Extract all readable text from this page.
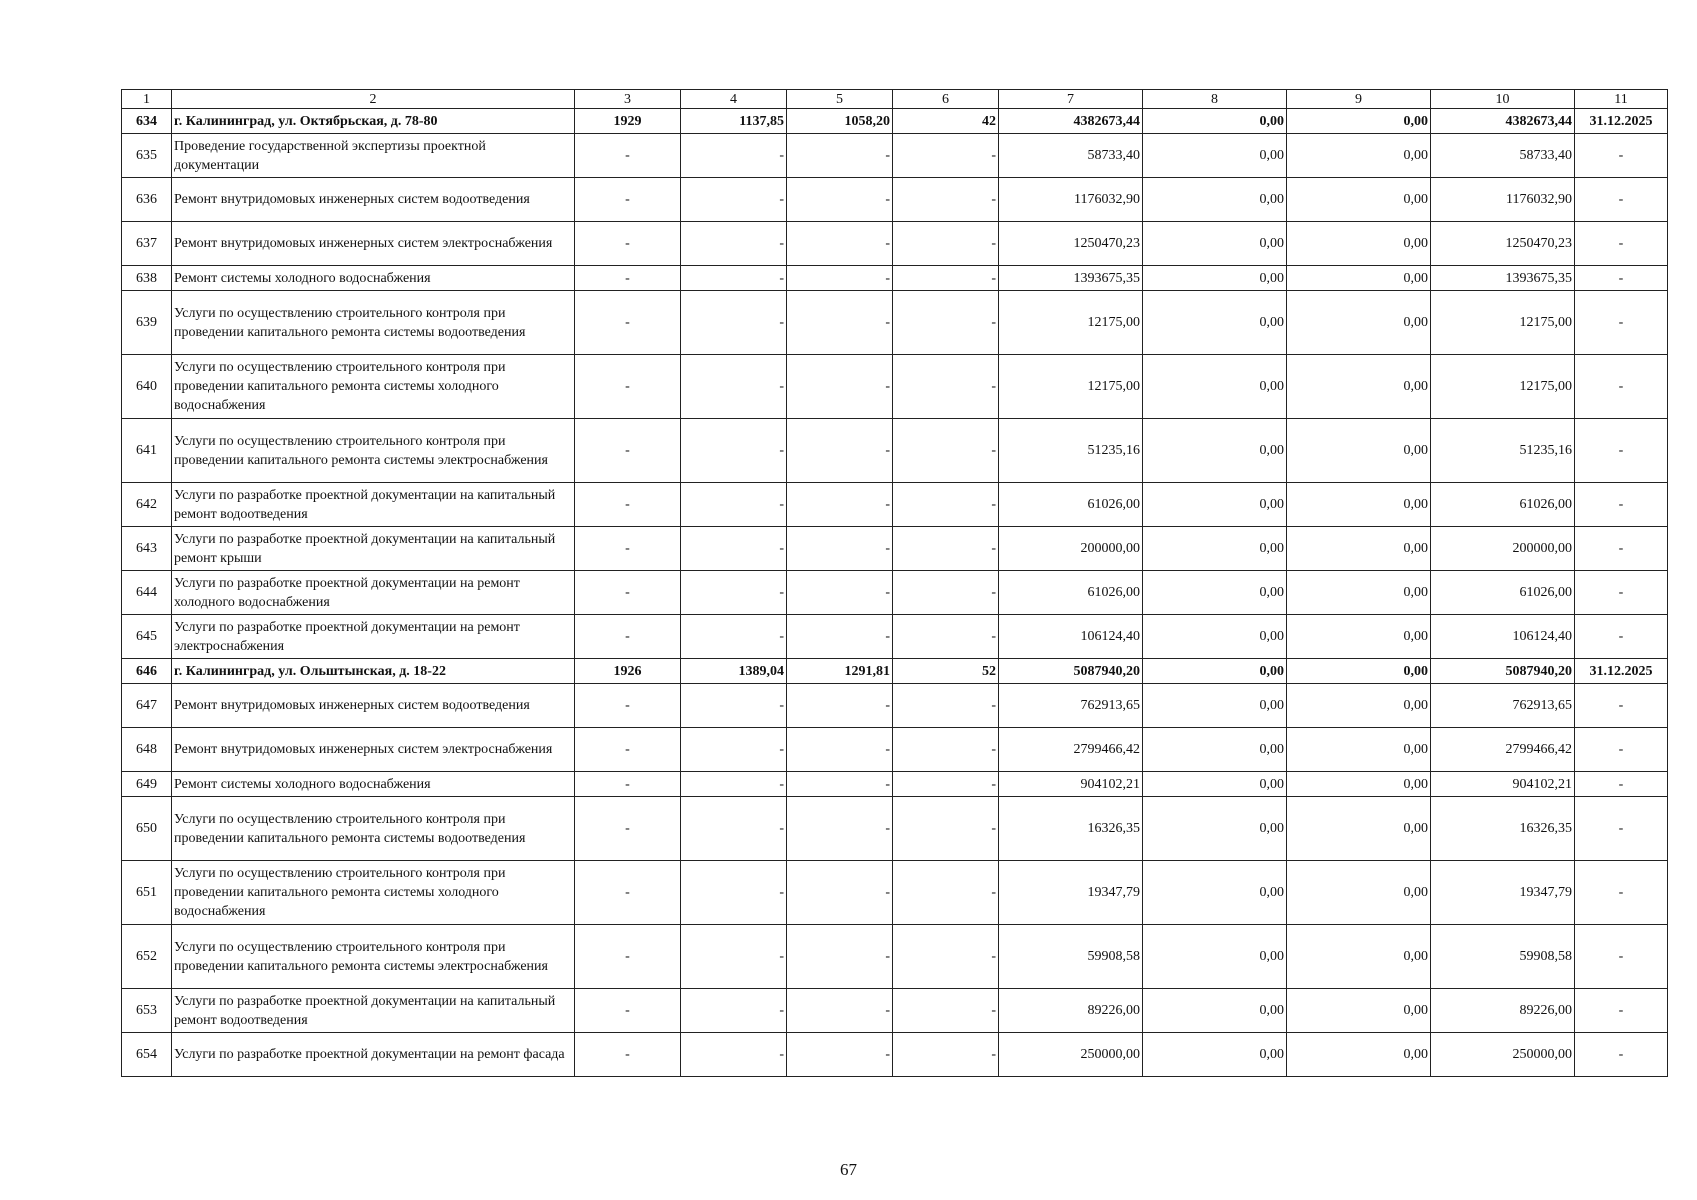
1	2	3	4	5	6	7	8	9	10	11
634	г. Калининград, ул. Октябрьская, д. 78-80	1929	1137,85	1058,20	42	4382673,44	0,00	0,00	4382673,44	31.12.2025
635	Проведение государственной экспертизы проектной документации	-	-	-	-	58733,40	0,00	0,00	58733,40	-
636	Ремонт внутридомовых инженерных систем водоотведения	-	-	-	-	1176032,90	0,00	0,00	1176032,90	-
637	Ремонт внутридомовых инженерных систем электроснабжения	-	-	-	-	1250470,23	0,00	0,00	1250470,23	-
638	Ремонт системы холодного водоснабжения	-	-	-	-	1393675,35	0,00	0,00	1393675,35	-
639	Услуги по осуществлению строительного контроля при проведении капитального ремонта системы водоотведения	-	-	-	-	12175,00	0,00	0,00	12175,00	-
640	Услуги по осуществлению строительного контроля при проведении капитального ремонта системы холодного водоснабжения	-	-	-	-	12175,00	0,00	0,00	12175,00	-
641	Услуги по осуществлению строительного контроля при проведении капитального ремонта системы электроснабжения	-	-	-	-	51235,16	0,00	0,00	51235,16	-
642	Услуги по разработке проектной документации на капитальный ремонт водоотведения	-	-	-	-	61026,00	0,00	0,00	61026,00	-
643	Услуги по разработке проектной документации на капитальный ремонт крыши	-	-	-	-	200000,00	0,00	0,00	200000,00	-
644	Услуги по разработке проектной документации на ремонт холодного водоснабжения	-	-	-	-	61026,00	0,00	0,00	61026,00	-
645	Услуги по разработке проектной документации на ремонт электроснабжения	-	-	-	-	106124,40	0,00	0,00	106124,40	-
646	г. Калининград, ул. Ольштынская, д. 18-22	1926	1389,04	1291,81	52	5087940,20	0,00	0,00	5087940,20	31.12.2025
647	Ремонт внутридомовых инженерных систем водоотведения	-	-	-	-	762913,65	0,00	0,00	762913,65	-
648	Ремонт внутридомовых инженерных систем электроснабжения	-	-	-	-	2799466,42	0,00	0,00	2799466,42	-
649	Ремонт системы холодного водоснабжения	-	-	-	-	904102,21	0,00	0,00	904102,21	-
650	Услуги по осуществлению строительного контроля при проведении капитального ремонта системы водоотведения	-	-	-	-	16326,35	0,00	0,00	16326,35	-
651	Услуги по осуществлению строительного контроля при проведении капитального ремонта системы холодного водоснабжения	-	-	-	-	19347,79	0,00	0,00	19347,79	-
652	Услуги по осуществлению строительного контроля при проведении капитального ремонта системы электроснабжения	-	-	-	-	59908,58	0,00	0,00	59908,58	-
653	Услуги по разработке проектной документации на капитальный ремонт водоотведения	-	-	-	-	89226,00	0,00	0,00	89226,00	-
654	Услуги по разработке проектной документации на ремонт фасада	-	-	-	-	250000,00	0,00	0,00	250000,00	-
67
